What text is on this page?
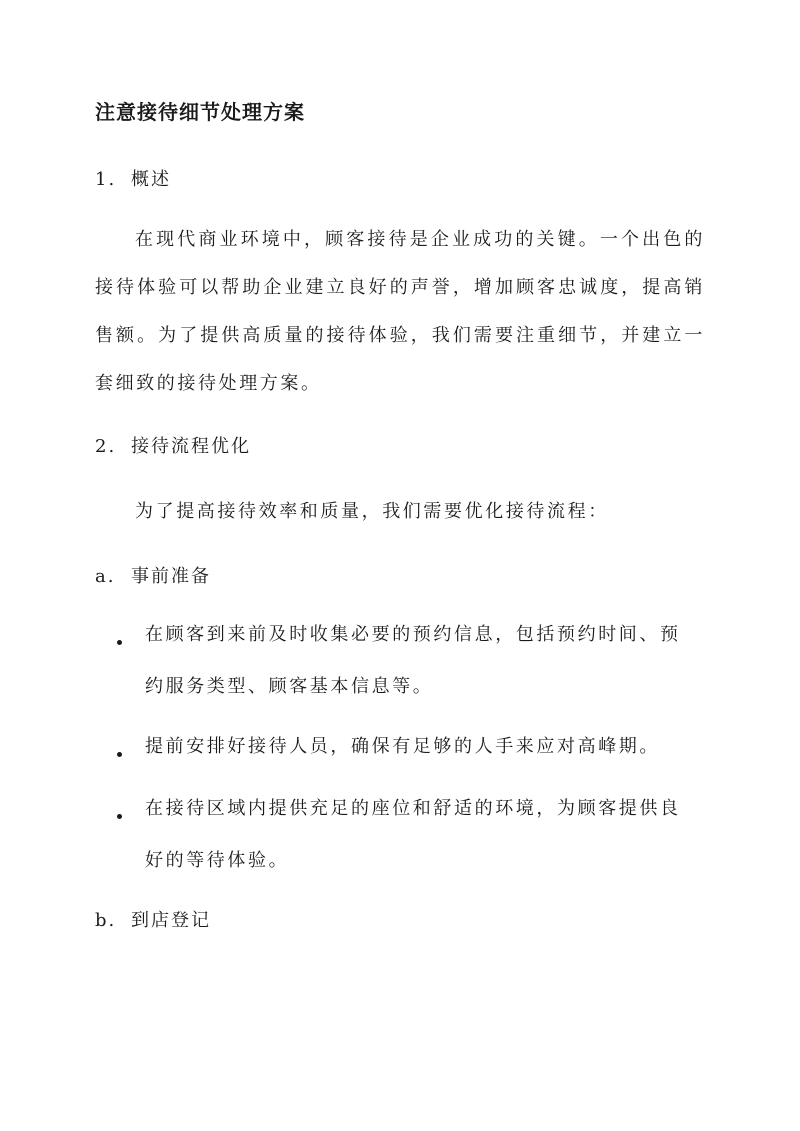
注意接待细节处理方案
1. 概述
在现代商业环境中，顾客接待是企业成功的关键。一个出色的接待体验可以帮助企业建立良好的声誉，增加顾客忠诚度，提高销售额。为了提供高质量的接待体验，我们需要注重细节，并建立一套细致的接待处理方案。
2. 接待流程优化
为了提高接待效率和质量，我们需要优化接待流程：
a. 事前准备
在顾客到来前及时收集必要的预约信息，包括预约时间、预约服务类型、顾客基本信息等。
提前安排好接待人员，确保有足够的人手来应对高峰期。
在接待区域内提供充足的座位和舒适的环境，为顾客提供良好的等待体验。
b. 到店登记
